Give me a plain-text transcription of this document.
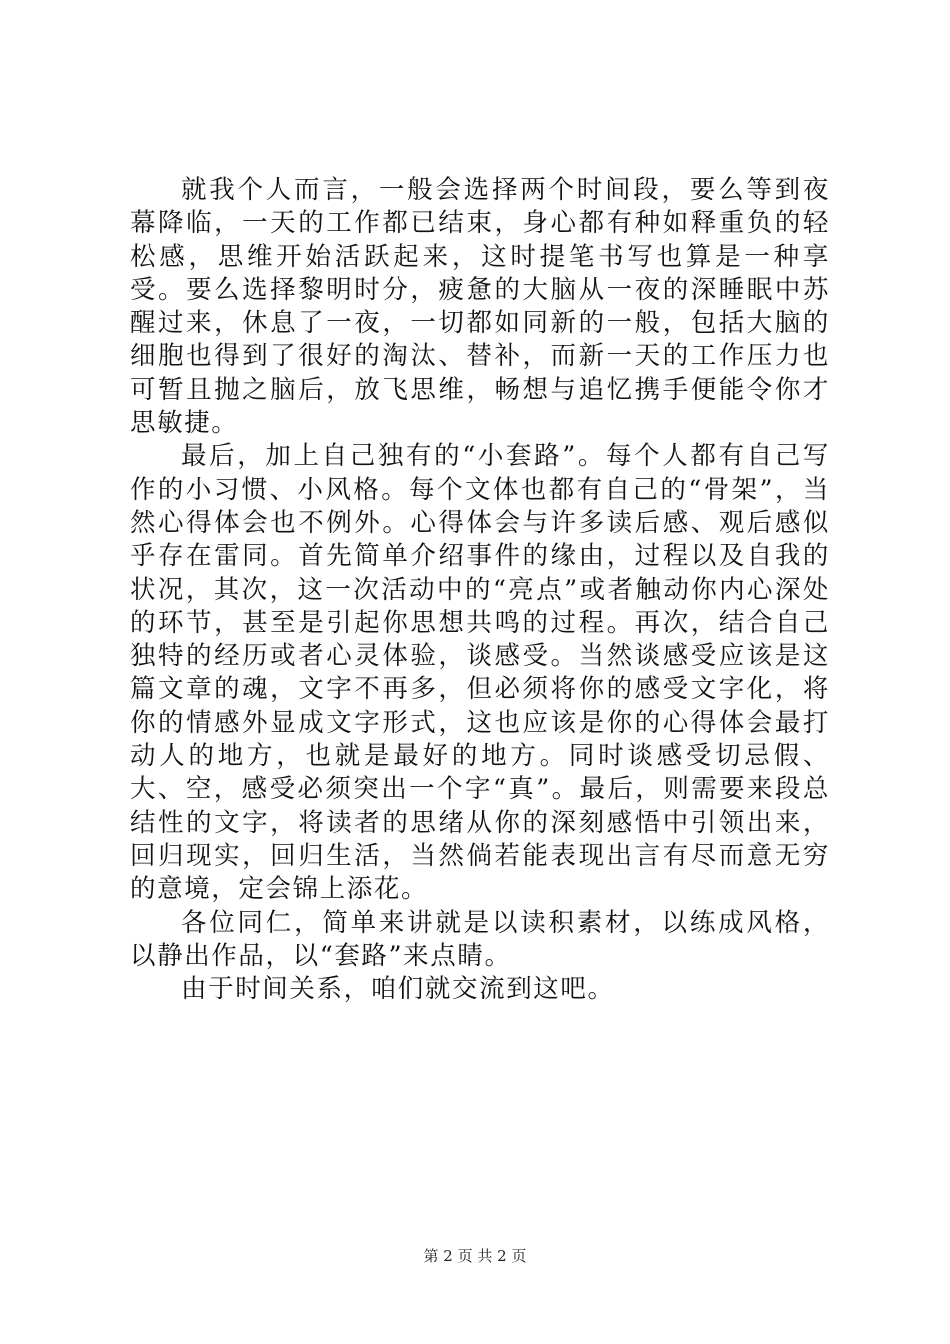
就我个人而言，一般会选择两个时间段，要么等到夜幕降临，一天的工作都已结束，身心都有种如释重负的轻松感，思维开始活跃起来，这时提笔书写也算是一种享受。要么选择黎明时分，疲惫的大脑从一夜的深睡眠中苏醒过来，休息了一夜，一切都如同新的一般，包括大脑的细胞也得到了很好的淘汰、替补，而新一天的工作压力也可暂且抛之脑后，放飞思维，畅想与追忆携手便能令你才思敏捷。

最后，加上自己独有的“小套路”。每个人都有自己写作的小习惯、小风格。每个文体也都有自己的“骨架”，当然心得体会也不例外。心得体会与许多读后感、观后感似乎存在雷同。首先简单介绍事件的缘由，过程以及自我的状况，其次，这一次活动中的“亮点”或者触动你内心深处的环节，甚至是引起你思想共鸣的过程。再次，结合自己独特的经历或者心灵体验，谈感受。当然谈感受应该是这篇文章的魂，文字不再多，但必须将你的感受文字化，将你的情感外显成文字形式，这也应该是你的心得体会最打动人的地方，也就是最好的地方。同时谈感受切忌假、大、空，感受必须突出一个字“真”。最后，则需要来段总结性的文字，将读者的思绪从你的深刻感悟中引领出来，回归现实，回归生活，当然倘若能表现出言有尽而意无穷的意境，定会锦上添花。

各位同仁，简单来讲就是以读积素材，以练成风格，以静出作品，以“套路”来点睛。

由于时间关系，咱们就交流到这吧。

第 2 页 共 2 页
